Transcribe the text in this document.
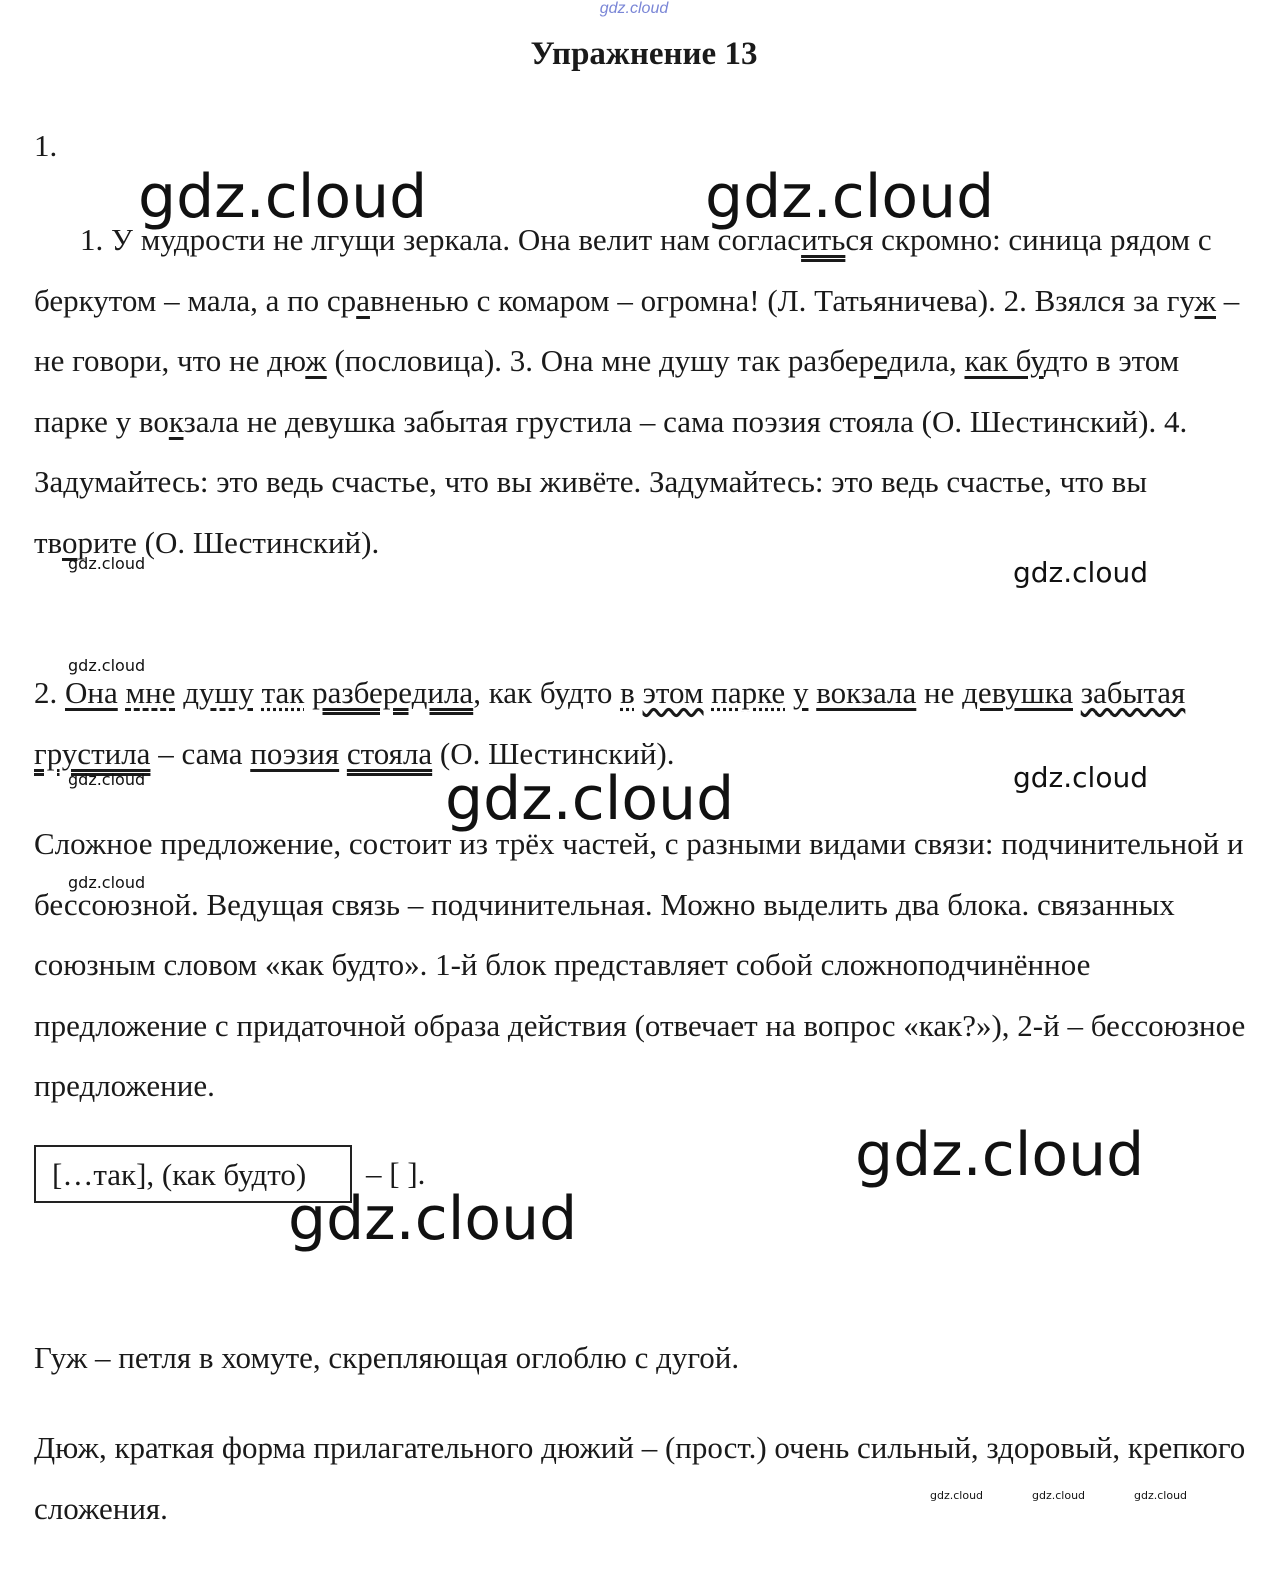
gdz.cloud
Упражнение 13
1.

1. У мудрости не лгущи зеркала. Она велит нам согласиться скромно: синица рядом с беркутом – мала, а по сравненью с комаром – огромна! (Л. Татьяничева). 2. Взялся за гуж – не говори, что не дюж (пословица). 3. Она мне душу так разбередила, как будто в этом парке у вокзала не девушка забытая грустила – сама поэзия стояла (О. Шестинский). 4. Задумайтесь: это ведь счастье, что вы живёте. Задумайтесь: это ведь счастье, что вы творите (О. Шестинский).

2. Она мне душу так разбередила, как будто в этом парке у вокзала не девушка забытая грустила – сама поэзия стояла (О. Шестинский).

Сложное предложение, состоит из трёх частей, с разными видами связи: подчинительной и бессоюзной. Ведущая связь – подчинительная. Можно выделить два блока. связанных союзным словом «как будто». 1-й блок представляет собой сложноподчинённое предложение с придаточной образа действия (отвечает на вопрос «как?»), 2-й – бессоюзное предложение.

[…так], (как будто)	– [ ].

Гуж – петля в хомуте, скрепляющая оглоблю с дугой.

Дюж, краткая форма прилагательного дюжий – (прост.) очень сильный, здоровый, крепкого сложения.

gdz.cloud	gdz.cloud
gdz.cloud	gdz.cloud
gdz.cloud
gdz.cloud	gdz.cloud
gdz.cloud
gdz.cloud
gdz.cloud
gdz.cloud
gdz.cloud	gdz.cloud	gdz.cloud
